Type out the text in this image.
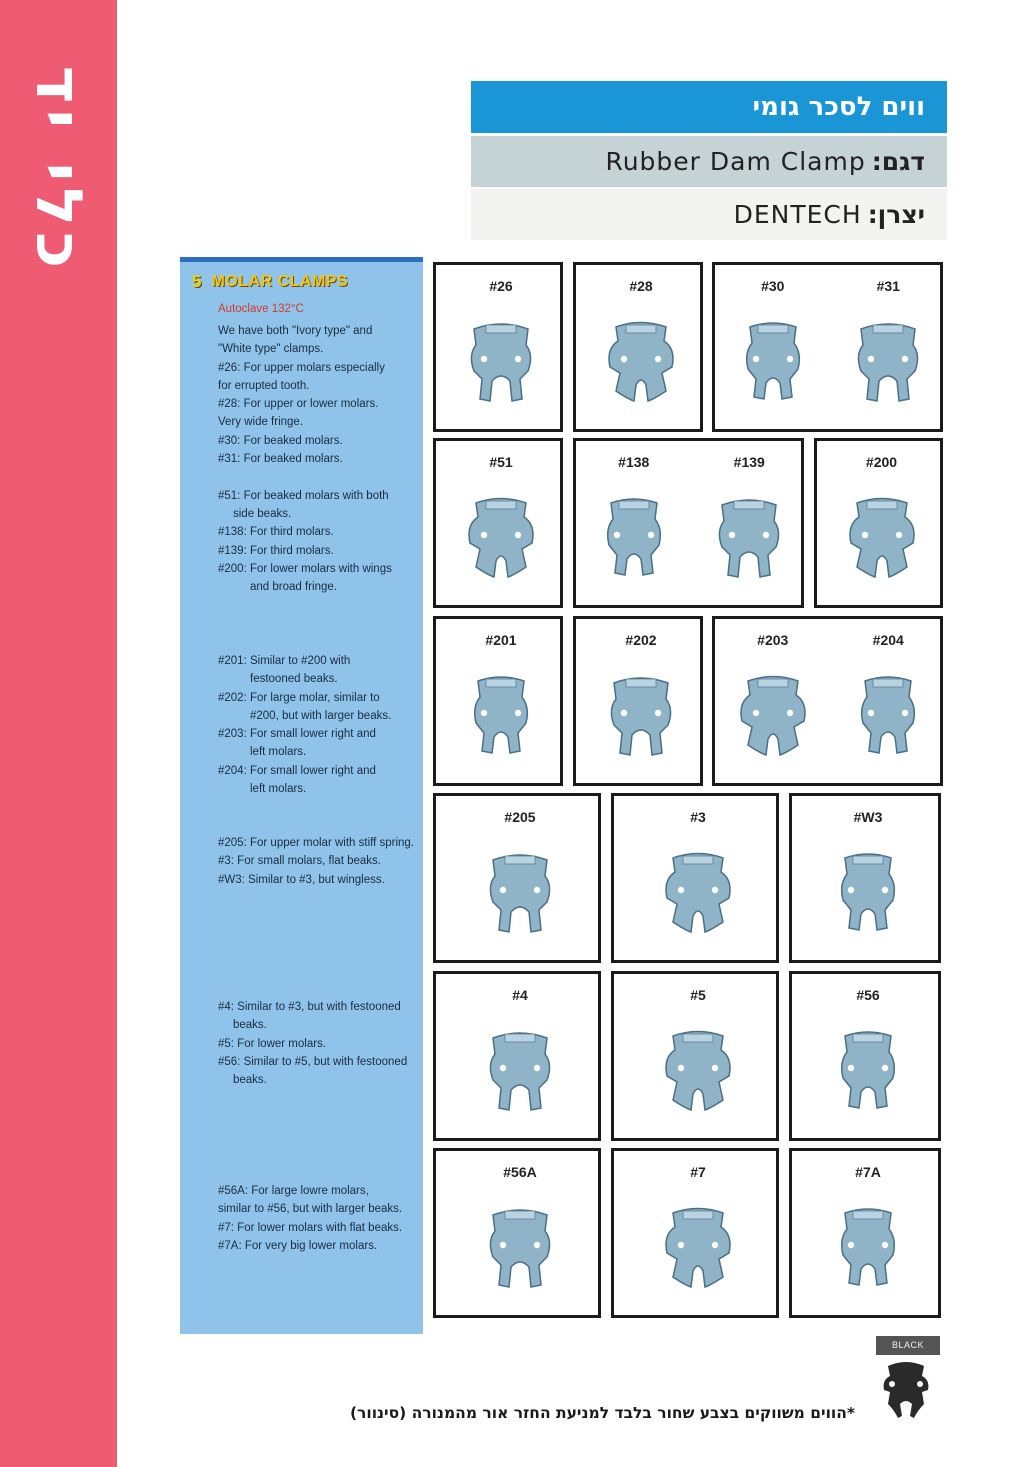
כלי יד	ווים לסכר גומי
דגם:
Rubber Dam Clamp
יצרן:
DENTECH
5 MOLAR CLAMPS
Autoclave 132°C
We have both "Ivory type" and
"White type" clamps.
#26: For upper molars especially
for errupted tooth.
#28: For upper or lower molars.
Very wide fringe.
#30: For beaked molars.
#31: For beaked molars.

#51: For beaked molars with both
side beaks.
#138: For third molars.
#139: For third molars.
#200: For lower molars with wings
and broad fringe.
#201: Similar to #200 with
festooned beaks.
#202: For large molar, similar to
#200, but with larger beaks.
#203: For small lower right and
left molars.
#204: For small lower right and
left molars.
#205: For upper molar with stiff spring.
#3: For small molars, flat beaks.
#W3: Similar to #3, but wingless.
#4: Similar to #3, but with festooned
beaks.
#5: For lower molars.
#56: Similar to #5, but with festooned
beaks.
#56A: For large lowre molars,
similar to #56, but with larger beaks.
#7: For lower molars with flat beaks.
#7A: For very big lower molars.
#26	#28	#30	#31
#51	#138	#139	#200
#201	#202	#203	#204
#205	#3	#W3
#4	#5	#56
#56A	#7	#7A
*הווים משווקים בצבע שחור בלבד למניעת החזר אור מהמנורה (סינוור)
BLACK
